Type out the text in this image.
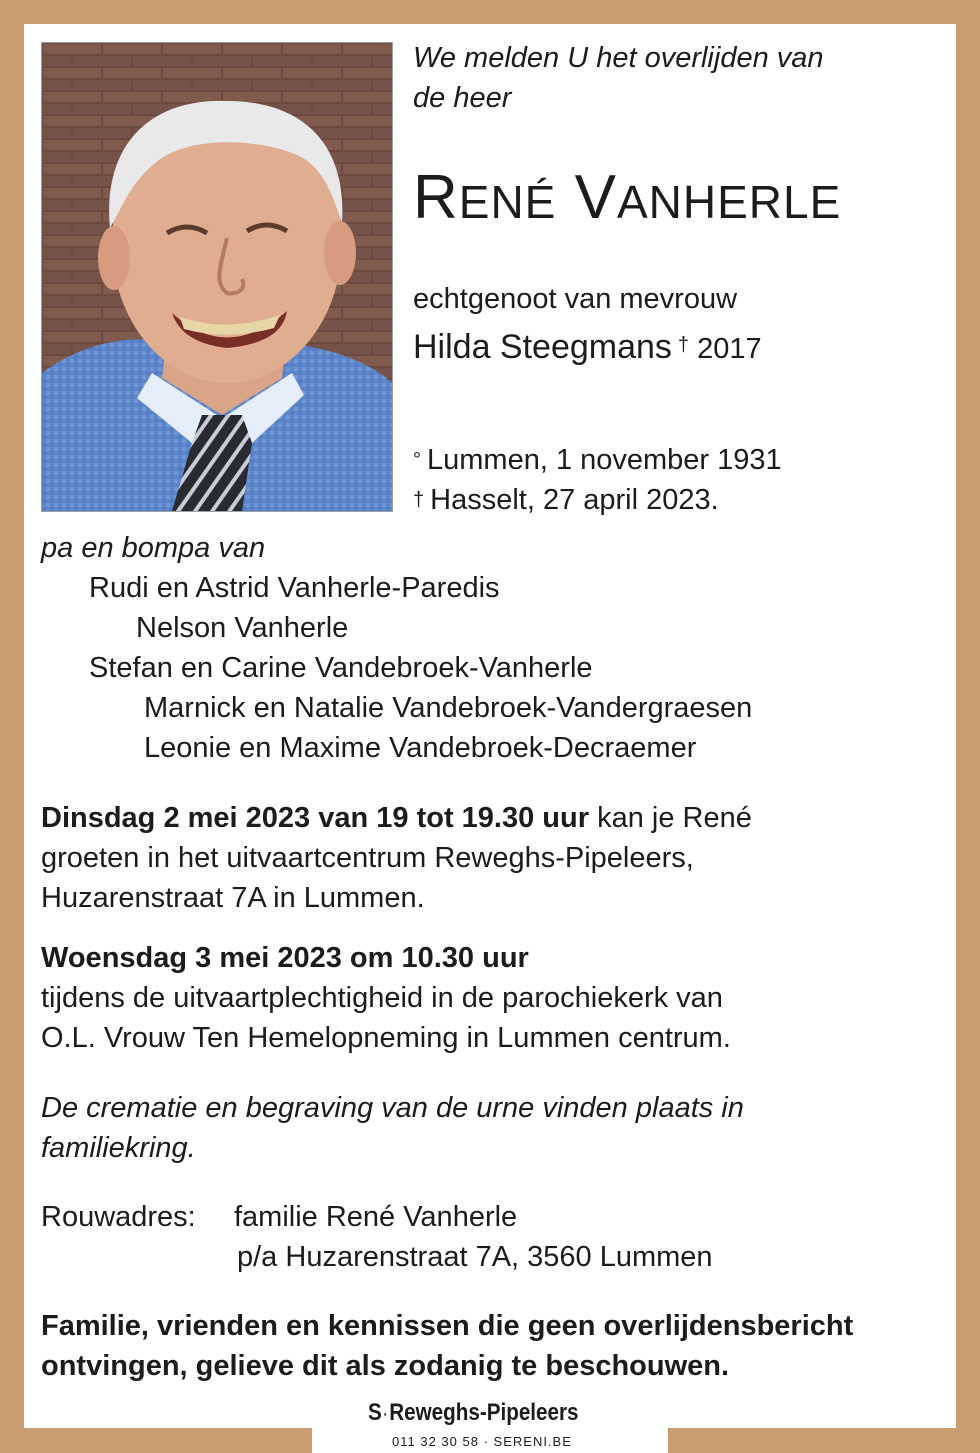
We melden U het overlijden van
de heer
RENÉ VANHERLE
echtgenoot van mevrouw
Hilda Steegmans † 2017
° Lummen, 1 november 1931
† Hasselt, 27 april 2023.
pa en bompa van
Rudi en Astrid Vanherle-Paredis
Nelson Vanherle
Stefan en Carine Vandebroek-Vanherle
Marnick en Natalie Vandebroek-Vandergraesen
Leonie en Maxime Vandebroek-Decraemer
Dinsdag 2 mei 2023 van 19 tot 19.30 uur kan je René
groeten in het uitvaartcentrum Reweghs-Pipeleers,
Huzarenstraat 7A in Lummen.
Woensdag 3 mei 2023 om 10.30 uur
tijdens de uitvaartplechtigheid in de parochiekerk van
O.L. Vrouw Ten Hemelopneming in Lummen centrum.
De crematie en begraving van de urne vinden plaats in
familiekring.
Rouwadres: familie René Vanherle
p/a Huzarenstraat 7A, 3560 Lummen
Familie, vrienden en kennissen die geen overlijdensbericht
ontvingen, gelieve dit als zodanig te beschouwen.
S ·Reweghs-Pipeleers
011 32 30 58 · SERENI.BE
